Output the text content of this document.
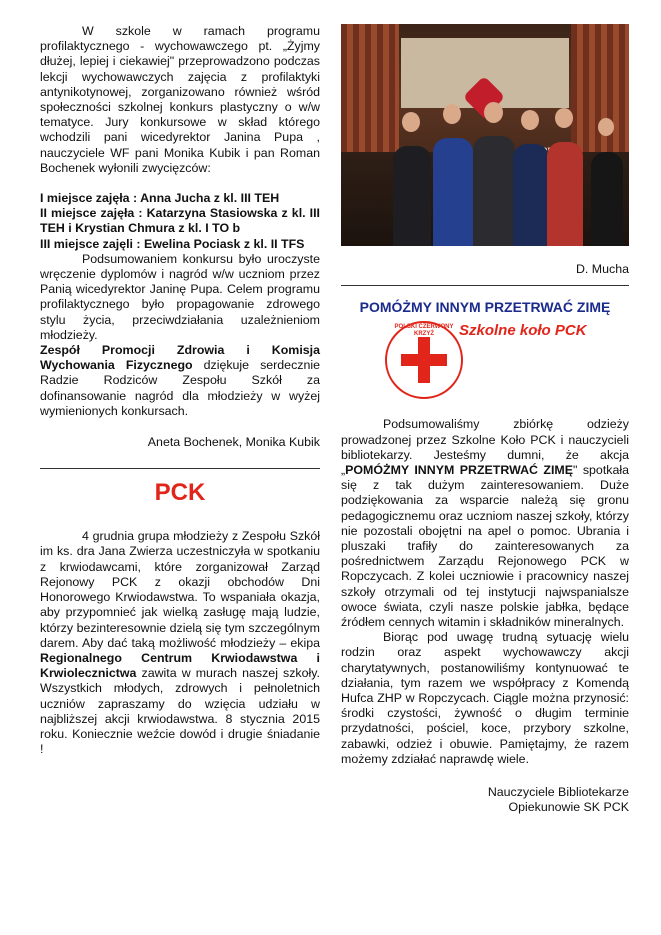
W szkole w ramach programu profilaktycznego - wychowawczego pt. „Żyjmy dłużej, lepiej i ciekawiej" przeprowadzono podczas lekcji wychowawczych zajęcia z profilaktyki antynikotynowej, zorganizowano również wśród społeczności szkolnej konkurs plastyczny o w/w tematyce. Jury konkursowe w skład którego wchodzili pani wicedyrektor Janina Pupa , nauczyciele WF pani Monika Kubik i pan Roman Bochenek wyłonili zwycięzców:

I miejsce zajęła : Anna Jucha z kl. III TEH

II miejsce zajęła : Katarzyna Stasiowska z kl. III TEH i Krystian Chmura z kl. I TO b

III miejsce zajęli : Ewelina Pociask z kl. II TFS

Podsumowaniem konkursu było uroczyste wręczenie dyplomów i nagród w/w uczniom przez Panią wicedyrektor Janinę Pupa. Celem programu profilaktycznego było propagowanie zdrowego stylu życia, przeciwdziałania uzależnieniom młodzieży.

Zespół Promocji Zdrowia i Komisja Wychowania Fizycznego dziękuje serdecznie Radzie Rodziców Zespołu Szkół za dofinansowanie nagród dla młodzieży w wyżej wymienionych konkursach.

Aneta Bochenek, Monika Kubik

PCK

4 grudnia grupa młodzieży z Zespołu Szkół im ks. dra Jana Zwierza uczestniczyła w spotkaniu z krwiodawcami, które zorganizował Zarząd Rejonowy PCK z okazji obchodów Dni Honorowego Krwiodawstwa. To wspaniała okazja, aby przypomnieć jak wielką zasługę mają ludzie, którzy bezinteresownie dzielą się tym szczególnym darem. Aby dać taką możliwość młodzieży – ekipa Regionalnego Centrum Krwiodawstwa i Krwiolecznictwa zawita w murach naszej szkoły. Wszystkich młodych, zdrowych i pełnoletnich uczniów zapraszamy do wzięcia udziału w najbliższej akcji krwiodawstwa. 8 stycznia 2015 roku. Koniecznie weźcie dowód i drugie śniadanie !

D. Mucha

POMÓŻMY INNYM PRZETRWAĆ ZIMĘ
POLSKI CZERWONY KRZYŻ	Szkolne koło PCK

Podsumowaliśmy zbiórkę odzieży prowadzonej przez Szkolne Koło PCK i nauczycieli bibliotekarzy. Jesteśmy dumni, że akcja „POMÓŻMY INNYM PRZETRWAĆ ZIMĘ" spotkała się z tak dużym zainteresowaniem. Duże podziękowania za wsparcie należą się gronu pedagogicznemu oraz uczniom naszej szkoły, którzy nie pozostali obojętni na apel o pomoc. Ubrania i pluszaki trafiły do zainteresowanych za pośrednictwem Zarządu Rejonowego PCK w Ropczycach. Z kolei uczniowie i pracownicy naszej szkoły otrzymali od tej instytucji najwspanialsze owoce świata, czyli nasze polskie jabłka, będące źródłem cennych witamin i składników mineralnych.

Biorąc pod uwagę trudną sytuację wielu rodzin oraz aspekt wychowawczy akcji charytatywnych, postanowiliśmy kontynuować te działania, tym razem we współpracy z Komendą Hufca ZHP w Ropczycach. Ciągle można przynosić: środki czystości, żywność o długim terminie przydatności, pościel, koce, przybory szkolne, zabawki, odzież i obuwie. Pamiętajmy, że razem możemy zdziałać naprawdę wiele.

Nauczyciele Bibliotekarze

Opiekunowie SK PCK
